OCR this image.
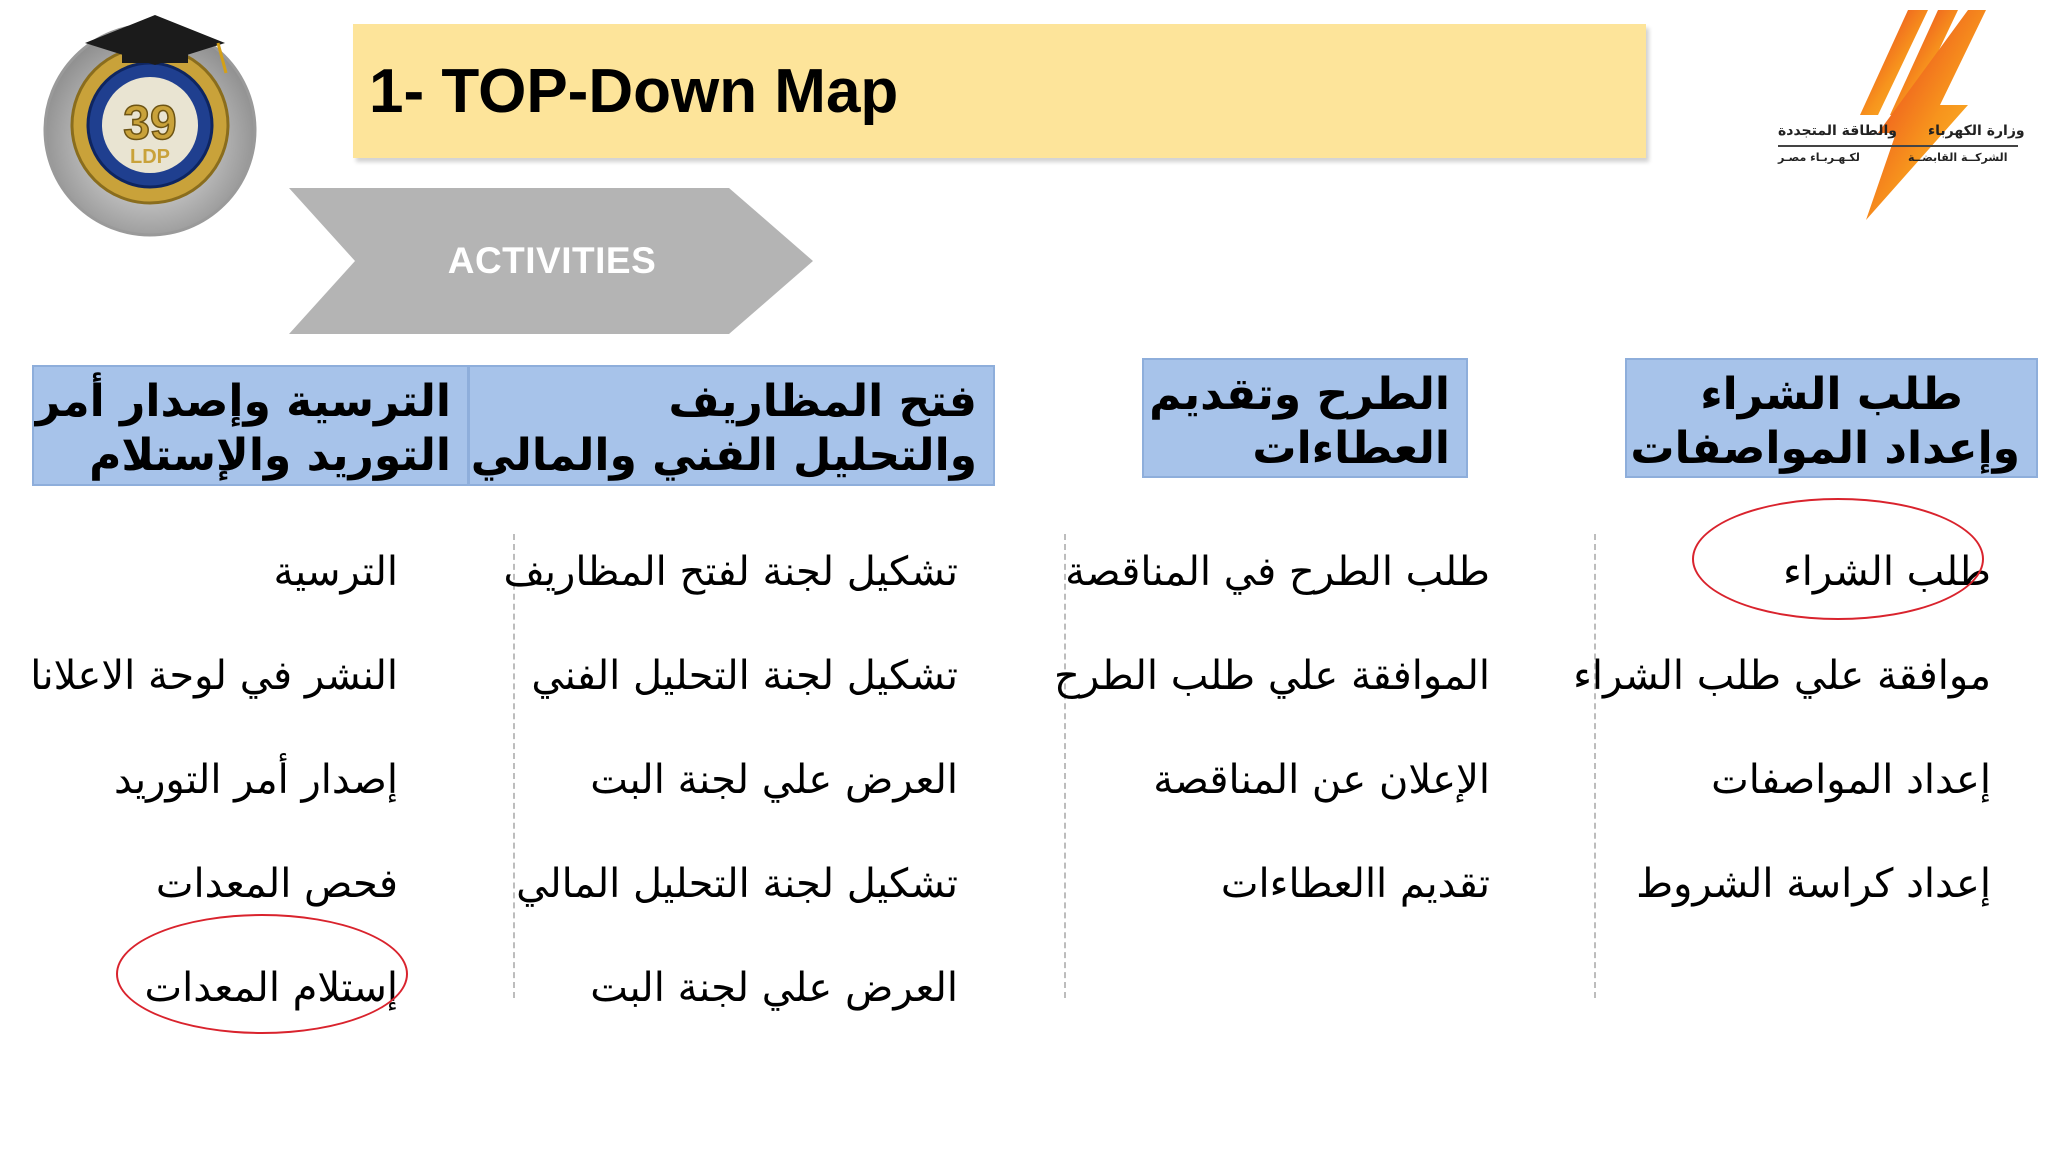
39
LDP
1- TOP-Down Map
وزارة الكهرباء
والطاقة المتجددة
الشركــة القابضــة
لكـهـربـاء مصـر
ACTIVITIES
طلب الشراء
وإعداد المواصفات
الطرح وتقديم
العطاءات
فتح المظاريف
والتحليل الفني والمالي
الترسية وإصدار أمر
التوريد والإستلام
طلب الشراء
موافقة علي طلب الشراء
إعداد المواصفات
إعداد كراسة الشروط
طلب الطرح في المناقصة
الموافقة علي طلب الطرح
الإعلان عن المناقصة
تقديم االعطاءات
تشكيل لجنة لفتح المظاريف
تشكيل لجنة التحليل الفني
العرض علي لجنة البت
تشكيل لجنة التحليل المالي
العرض علي لجنة البت
الترسية
النشر في لوحة الاعلانا
إصدار أمر التوريد
فحص المعدات
إستلام المعدات
